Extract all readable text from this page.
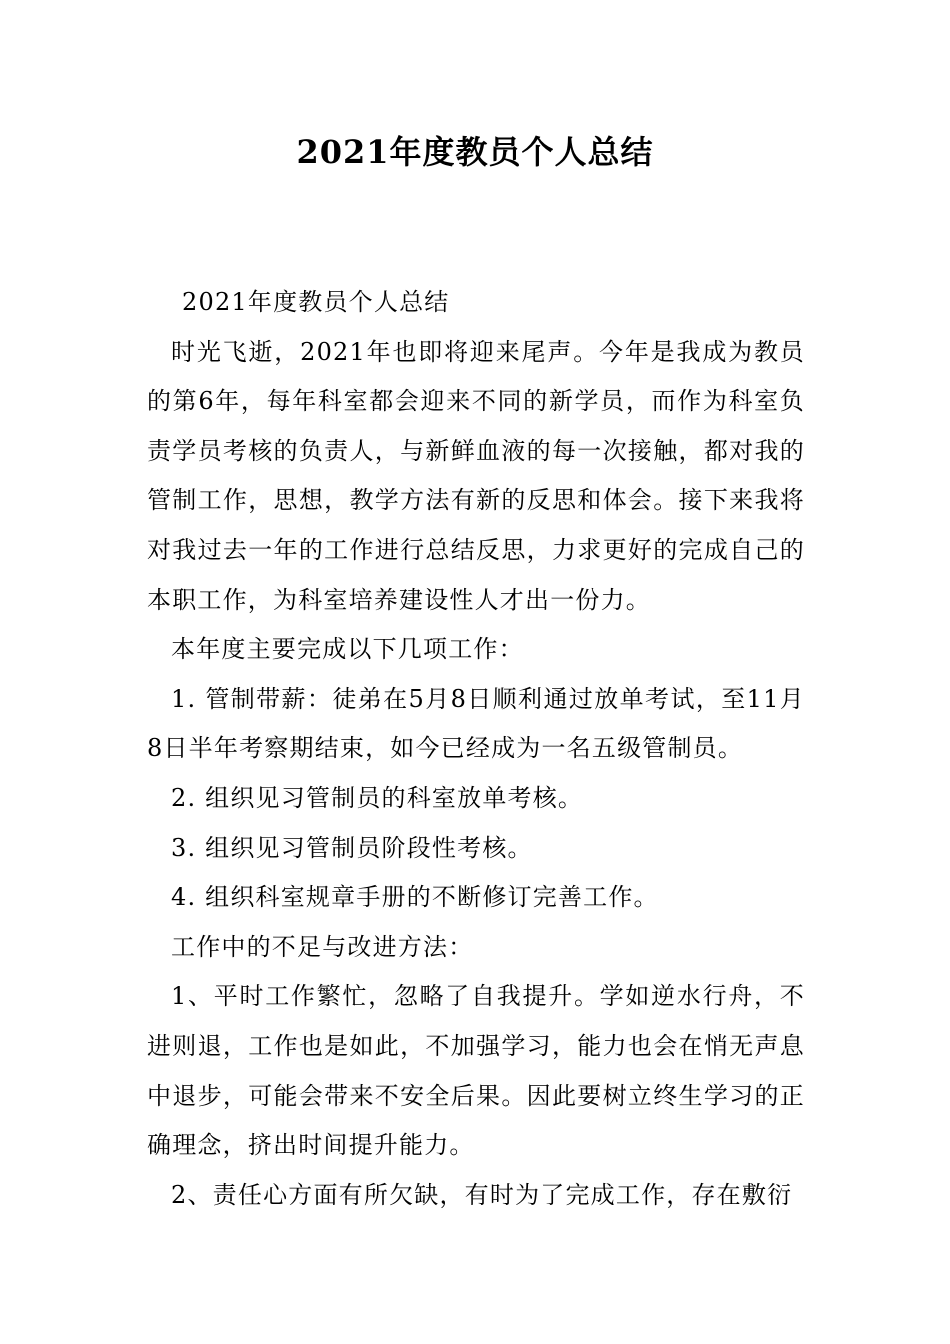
2021年度教员个人总结

2021年度教员个人总结

时光飞逝，2021年也即将迎来尾声。今年是我成为教员的第6年，每年科室都会迎来不同的新学员，而作为科室负责学员考核的负责人，与新鲜血液的每一次接触，都对我的管制工作，思想，教学方法有新的反思和体会。接下来我将对我过去一年的工作进行总结反思，力求更好的完成自己的本职工作，为科室培养建设性人才出一份力。

本年度主要完成以下几项工作：

1. 管制带薪：徒弟在5月8日顺利通过放单考试，至11月8日半年考察期结束，如今已经成为一名五级管制员。

2. 组织见习管制员的科室放单考核。

3. 组织见习管制员阶段性考核。

4. 组织科室规章手册的不断修订完善工作。

工作中的不足与改进方法：

1、平时工作繁忙，忽略了自我提升。学如逆水行舟，不进则退，工作也是如此，不加强学习，能力也会在悄无声息中退步，可能会带来不安全后果。因此要树立终生学习的正确理念，挤出时间提升能力。

2、责任心方面有所欠缺，有时为了完成工作，存在敷衍
